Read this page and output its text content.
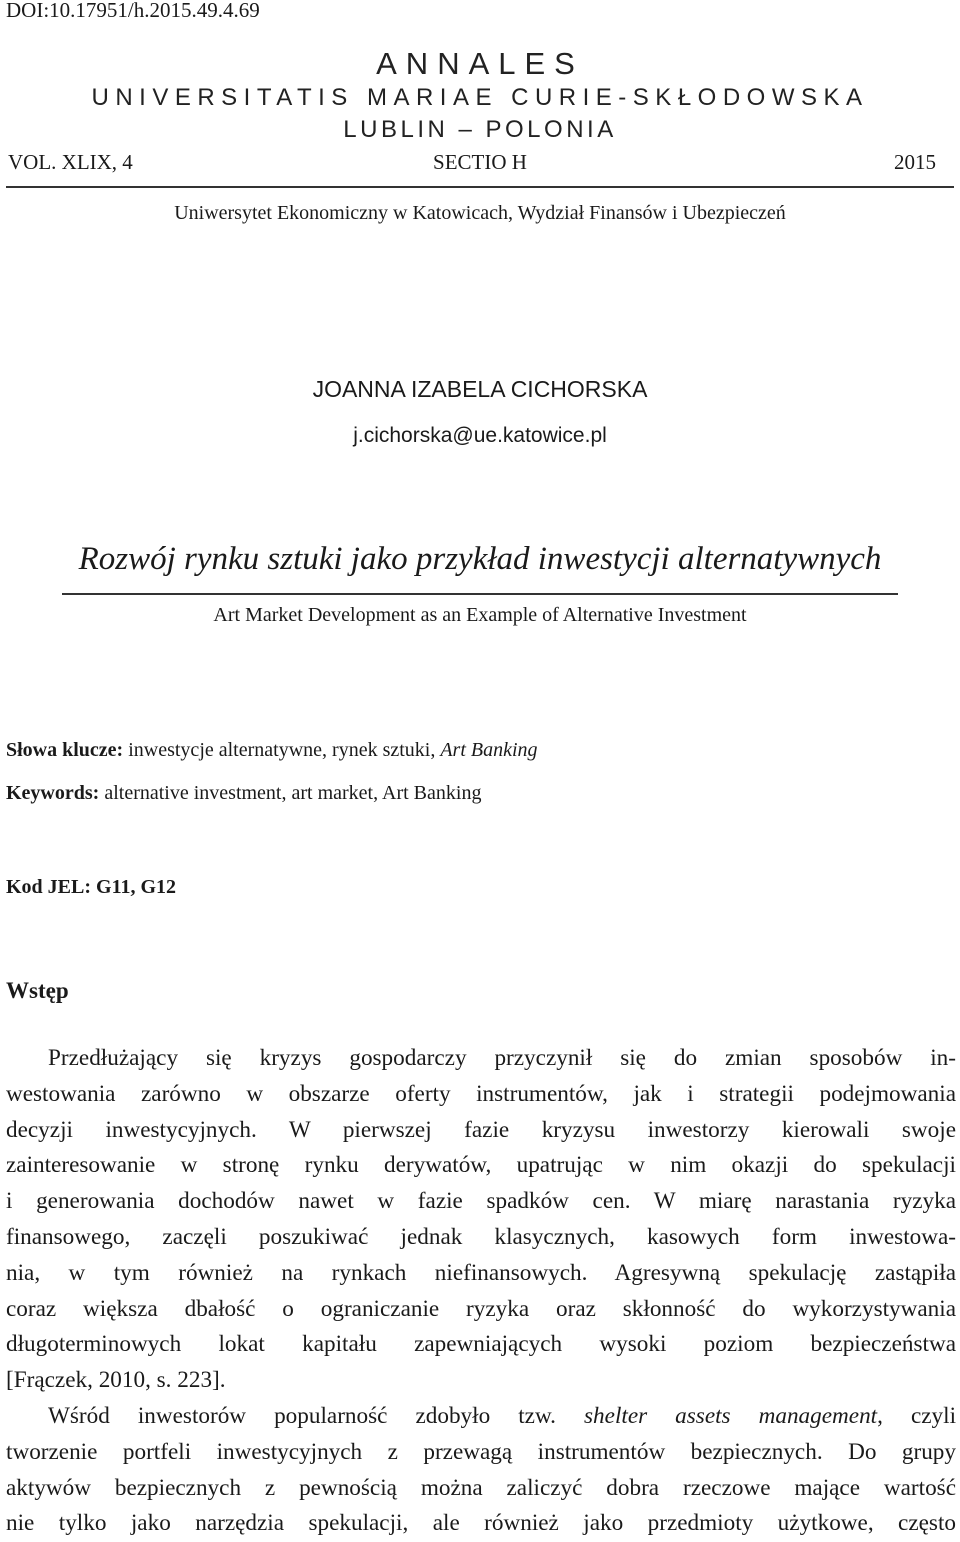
DOI:10.17951/h.2015.49.4.69
ANNALES
UNIVERSITATIS MARIAE CURIE-SKŁODOWSKA
LUBLIN – POLONIA
VOL. XLIX, 4	SECTIO H	2015
Uniwersytet Ekonomiczny w Katowicach, Wydział Finansów i Ubezpieczeń
JOANNA IZABELA CICHORSKA
j.cichorska@ue.katowice.pl
Rozwój rynku sztuki jako przykład inwestycji alternatywnych
Art Market Development as an Example of Alternative Investment
Słowa klucze: inwestycje alternatywne, rynek sztuki, Art Banking
Keywords: alternative investment, art market, Art Banking
Kod JEL: G11, G12
Wstęp
Przedłużający się kryzys gospodarczy przyczynił się do zmian sposobów in-
westowania zarówno w obszarze oferty instrumentów, jak i strategii podejmowania
decyzji inwestycyjnych. W pierwszej fazie kryzysu inwestorzy kierowali swoje
zainteresowanie w stronę rynku derywatów, upatrując w nim okazji do spekulacji
i generowania dochodów nawet w fazie spadków cen. W miarę narastania ryzyka
finansowego, zaczęli poszukiwać jednak klasycznych, kasowych form inwestowa-
nia, w tym również na rynkach niefinansowych. Agresywną spekulację zastąpiła
coraz większa dbałość o ograniczanie ryzyka oraz skłonność do wykorzystywania
długoterminowych lokat kapitału zapewniających wysoki poziom bezpieczeństwa
[Frączek, 2010, s. 223].
Wśród inwestorów popularność zdobyło tzw. shelter assets management, czyli
tworzenie portfeli inwestycyjnych z przewagą instrumentów bezpiecznych. Do grupy
aktywów bezpiecznych z pewnością można zaliczyć dobra rzeczowe mające wartość
nie tylko jako narzędzia spekulacji, ale również jako przedmioty użytkowe, często
